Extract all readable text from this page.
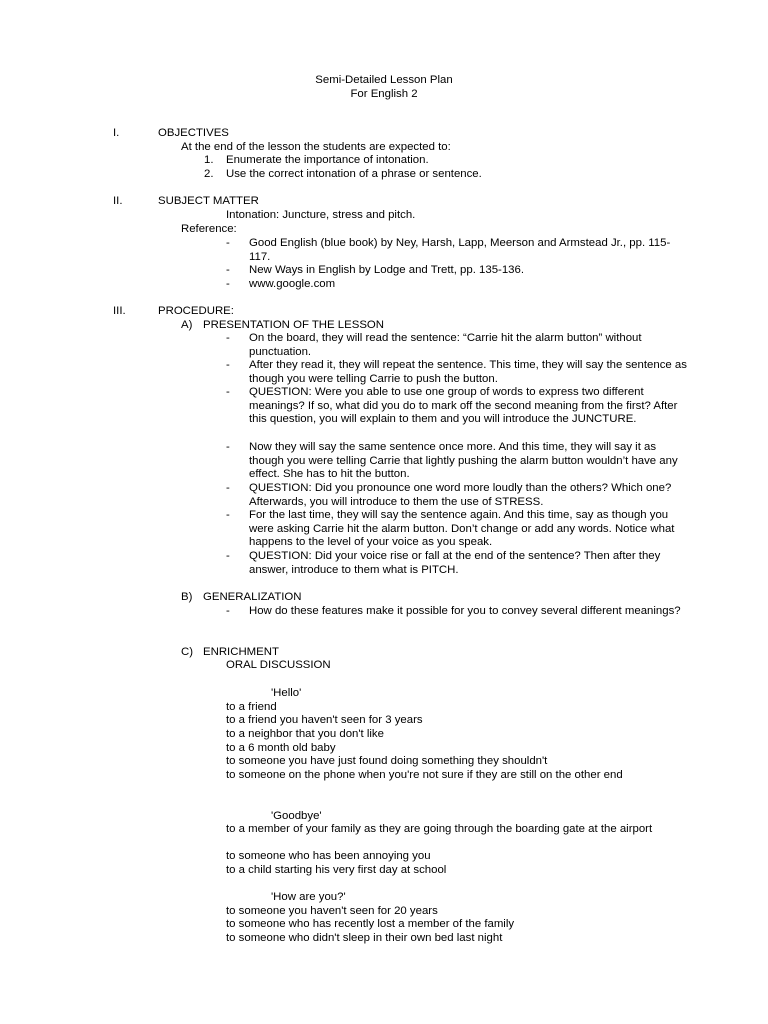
Semi-Detailed Lesson Plan
For English 2
I.	OBJECTIVES
At the end of the lesson the students are expected to:
1. Enumerate the importance of intonation.
2. Use the correct intonation of a phrase or sentence.
II.	SUBJECT MATTER
Intonation: Juncture, stress and pitch.
Reference:
- Good English (blue book) by Ney, Harsh, Lapp, Meerson and Armstead Jr., pp. 115-117.
- New Ways in English by Lodge and Trett, pp. 135-136.
- www.google.com
III.	PROCEDURE:
A) PRESENTATION OF THE LESSON
- On the board, they will read the sentence: “Carrie hit the alarm button” without punctuation.
- After they read it, they will repeat the sentence. This time, they will say the sentence as though you were telling Carrie to push the button.
- QUESTION: Were you able to use one group of words to express two different meanings? If so, what did you do to mark off the second meaning from the first? After this question, you will explain to them and you will introduce the JUNCTURE.
- Now they will say the same sentence once more. And this time, they will say it as though you were telling Carrie that lightly pushing the alarm button wouldn’t have any effect. She has to hit the button.
- QUESTION: Did you pronounce one word more loudly than the others? Which one? Afterwards, you will introduce to them the use of STRESS.
- For the last time, they will say the sentence again. And this time, say as though you were asking Carrie hit the alarm button. Don’t change or add any words. Notice what happens to the level of your voice as you speak.
- QUESTION: Did your voice rise or fall at the end of the sentence? Then after they answer, introduce to them what is PITCH.
B) GENERALIZATION
- How do these features make it possible for you to convey several different meanings?
C) ENRICHMENT
ORAL DISCUSSION
'Hello'
to a friend
to a friend you haven't seen for 3 years
to a neighbor that you don't like
to a 6 month old baby
to someone you have just found doing something they shouldn't
to someone on the phone when you're not sure if they are still on the other end
'Goodbye'
to a member of your family as they are going through the boarding gate at the airport
to someone who has been annoying you
to a child starting his very first day at school
'How are you?'
to someone you haven't seen for 20 years
to someone who has recently lost a member of the family
to someone who didn't sleep in their own bed last night
